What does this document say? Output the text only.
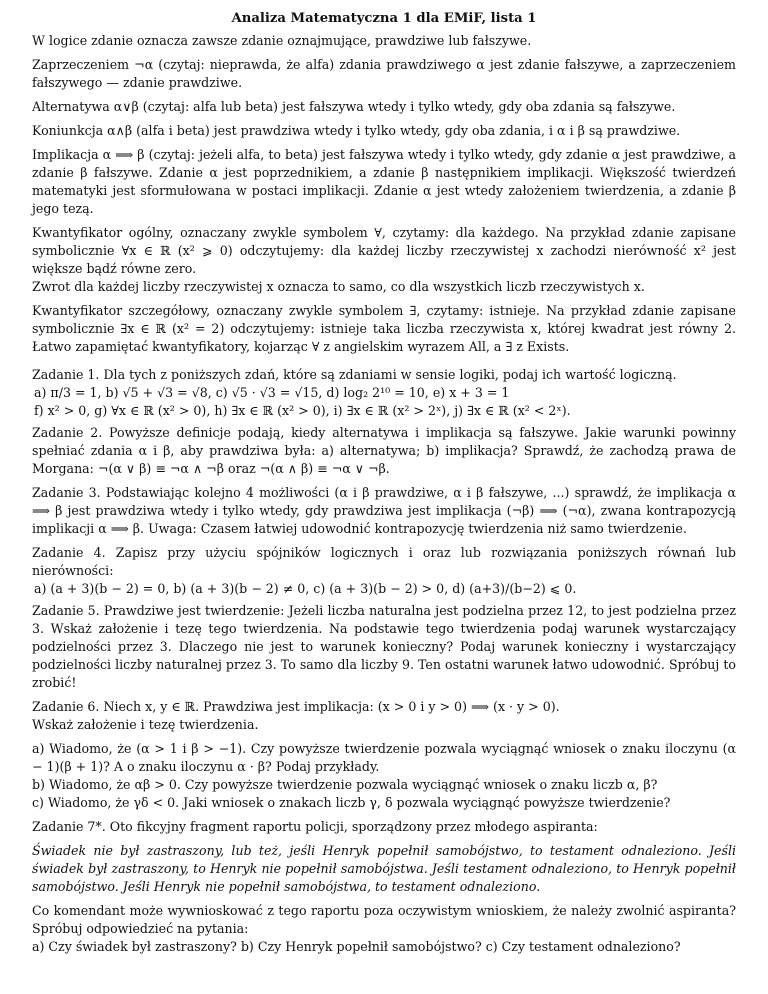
Analiza Matematyczna 1 dla EMiF, lista 1

W logice zdanie oznacza zawsze zdanie oznajmujące, prawdziwe lub fałszywe.

Zaprzeczeniem ¬α (czytaj: nieprawda, że alfa) zdania prawdziwego α jest zdanie fałszywe, a zaprzeczeniem fałszywego — zdanie prawdziwe.

Alternatywa α∨β (czytaj: alfa lub beta) jest fałszywa wtedy i tylko wtedy, gdy oba zdania są fałszywe.

Koniunkcja α∧β (alfa i beta) jest prawdziwa wtedy i tylko wtedy, gdy oba zdania, i α i β są prawdziwe.

Implikacja α ⟹ β (czytaj: jeżeli alfa, to beta) jest fałszywa wtedy i tylko wtedy, gdy zdanie α jest prawdziwe, a zdanie β fałszywe. Zdanie α jest poprzednikiem, a zdanie β następnikiem implikacji. Większość twierdzeń matematyki jest sformułowana w postaci implikacji. Zdanie α jest wtedy założeniem twierdzenia, a zdanie β jego tezą.

Kwantyfikator ogólny, oznaczany zwykle symbolem ∀, czytamy: dla każdego. Na przykład zdanie zapisane symbolicznie ∀x ∈ ℝ (x² ⩾ 0) odczytujemy: dla każdej liczby rzeczywistej x zachodzi nierówność x² jest większe bądź równe zero.

Zwrot dla każdej liczby rzeczywistej x oznacza to samo, co dla wszystkich liczb rzeczywistych x.

Kwantyfikator szczegółowy, oznaczany zwykle symbolem ∃, czytamy: istnieje. Na przykład zdanie zapisane symbolicznie ∃x ∈ ℝ (x² = 2) odczytujemy: istnieje taka liczba rzeczywista x, której kwadrat jest równy 2. Łatwo zapamiętać kwantyfikatory, kojarząc ∀ z angielskim wyrazem All, a ∃ z Exists.

Zadanie 1. Dla tych z poniższych zdań, które są zdaniami w sensie logiki, podaj ich wartość logiczną.

a) π/3 = 1, b) √5 + √3 = √8, c) √5 · √3 = √15, d) log₂ 2¹⁰ = 10, e) x + 3 = 1
f) x² > 0, g) ∀x ∈ ℝ (x² > 0), h) ∃x ∈ ℝ (x² > 0), i) ∃x ∈ ℝ (x² > 2ˣ), j) ∃x ∈ ℝ (x² < 2ˣ).

Zadanie 2. Powyższe definicje podają, kiedy alternatywa i implikacja są fałszywe. Jakie warunki powinny spełniać zdania α i β, aby prawdziwa była: a) alternatywa; b) implikacja? Sprawdź, że zachodzą prawa de Morgana: ¬(α ∨ β) ≡ ¬α ∧ ¬β oraz ¬(α ∧ β) ≡ ¬α ∨ ¬β.

Zadanie 3. Podstawiając kolejno 4 możliwości (α i β prawdziwe, α i β fałszywe, ...) sprawdź, że implikacja α ⟹ β jest prawdziwa wtedy i tylko wtedy, gdy prawdziwa jest implikacja (¬β) ⟹ (¬α), zwana kontrapozycją implikacji α ⟹ β. Uwaga: Czasem łatwiej udowodnić kontrapozycję twierdzenia niż samo twierdzenie.

Zadanie 4. Zapisz przy użyciu spójników logicznych i oraz lub rozwiązania poniższych równań lub nierówności:

a) (a + 3)(b − 2) = 0, b) (a + 3)(b − 2) ≠ 0, c) (a + 3)(b − 2) > 0, d) (a+3)/(b−2) ⩽ 0.

Zadanie 5. Prawdziwe jest twierdzenie: Jeżeli liczba naturalna jest podzielna przez 12, to jest podzielna przez 3. Wskaż założenie i tezę tego twierdzenia. Na podstawie tego twierdzenia podaj warunek wystarczający podzielności przez 3. Dlaczego nie jest to warunek konieczny? Podaj warunek konieczny i wystarczający podzielności liczby naturalnej przez 3. To samo dla liczby 9. Ten ostatni warunek łatwo udowodnić. Spróbuj to zrobić!

Zadanie 6. Niech x, y ∈ ℝ. Prawdziwa jest implikacja: (x > 0 i y > 0) ⟹ (x · y > 0).

Wskaż założenie i tezę twierdzenia.

a) Wiadomo, że (α > 1 i β > −1). Czy powyższe twierdzenie pozwala wyciągnąć wniosek o znaku iloczynu (α − 1)(β + 1)? A o znaku iloczynu α · β? Podaj przykłady.

b) Wiadomo, że αβ > 0. Czy powyższe twierdzenie pozwala wyciągnąć wniosek o znaku liczb α, β?

c) Wiadomo, że γδ < 0. Jaki wniosek o znakach liczb γ, δ pozwala wyciągnąć powyższe twierdzenie?

Zadanie 7*. Oto fikcyjny fragment raportu policji, sporządzony przez młodego aspiranta:

Świadek nie był zastraszony, lub też, jeśli Henryk popełnił samobójstwo, to testament odnaleziono. Jeśli świadek był zastraszony, to Henryk nie popełnił samobójstwa. Jeśli testament odnaleziono, to Henryk popełnił samobójstwo. Jeśli Henryk nie popełnił samobójstwa, to testament odnaleziono.

Co komendant może wywnioskować z tego raportu poza oczywistym wnioskiem, że należy zwolnić aspiranta? Spróbuj odpowiedzieć na pytania:

a) Czy świadek był zastraszony? b) Czy Henryk popełnił samobójstwo? c) Czy testament odnaleziono?
